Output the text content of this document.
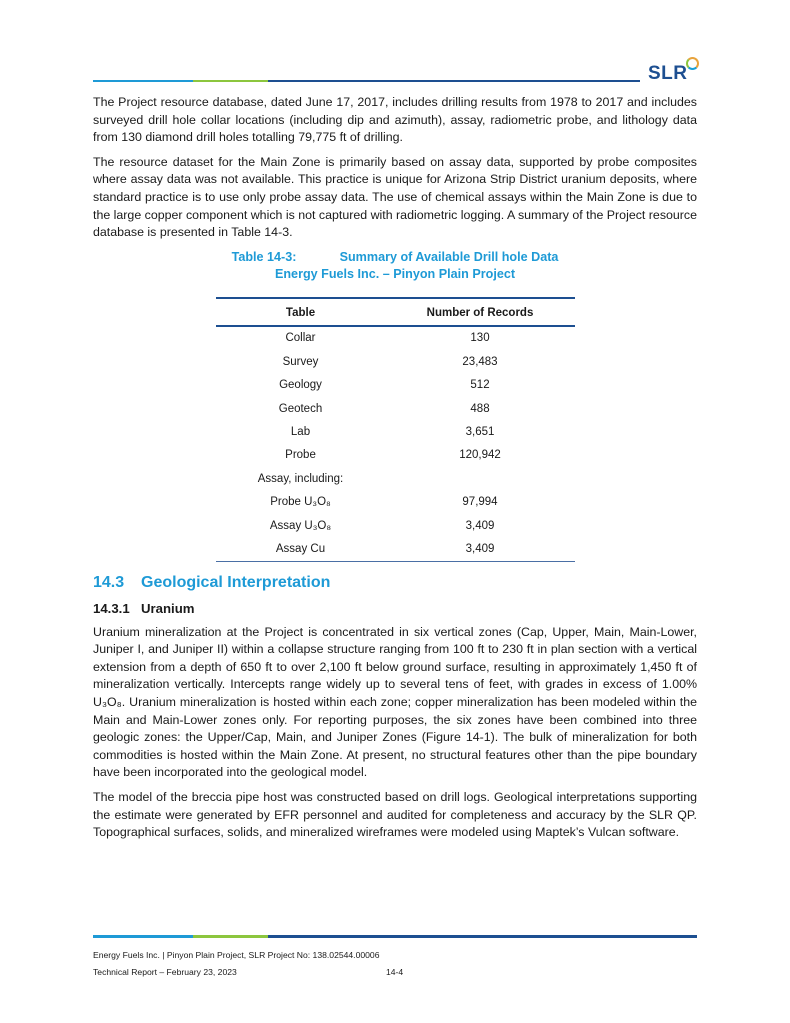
SLR

The Project resource database, dated June 17, 2017, includes drilling results from 1978 to 2017 and includes surveyed drill hole collar locations (including dip and azimuth), assay, radiometric probe, and lithology data from 130 diamond drill holes totalling 79,775 ft of drilling.

The resource dataset for the Main Zone is primarily based on assay data, supported by probe composites where assay data was not available. This practice is unique for Arizona Strip District uranium deposits, where standard practice is to use only probe assay data. The use of chemical assays within the Main Zone is due to the large copper component which is not captured with radiometric logging. A summary of the Project resource database is presented in Table 14-3.

Table 14-3:	Summary of Available Drill hole Data
Energy Fuels Inc. – Pinyon Plain Project
Table	Number of Records
Collar	130
Survey	23,483
Geology	512
Geotech	488
Lab	3,651
Probe	120,942
Assay, including:	
Probe U₃O₈	97,994
Assay U₃O₈	3,409
Assay Cu	3,409
14.3 Geological Interpretation
14.3.1 Uranium

Uranium mineralization at the Project is concentrated in six vertical zones (Cap, Upper, Main, Main-Lower, Juniper I, and Juniper II) within a collapse structure ranging from 100 ft to 230 ft in plan section with a vertical extension from a depth of 650 ft to over 2,100 ft below ground surface, resulting in approximately 1,450 ft of mineralization vertically. Intercepts range widely up to several tens of feet, with grades in excess of 1.00% U₃O₈. Uranium mineralization is hosted within each zone; copper mineralization has been modeled within the Main and Main-Lower zones only. For reporting purposes, the six zones have been combined into three geologic zones: the Upper/Cap, Main, and Juniper Zones (Figure 14-1). The bulk of mineralization for both commodities is hosted within the Main Zone. At present, no structural features other than the pipe boundary have been incorporated into the geological model.

The model of the breccia pipe host was constructed based on drill logs. Geological interpretations supporting the estimate were generated by EFR personnel and audited for completeness and accuracy by the SLR QP. Topographical surfaces, solids, and mineralized wireframes were modeled using Maptek’s Vulcan software.

Energy Fuels Inc. | Pinyon Plain Project, SLR Project No: 138.02544.00006
Technical Report – February 23, 2023	14-4
